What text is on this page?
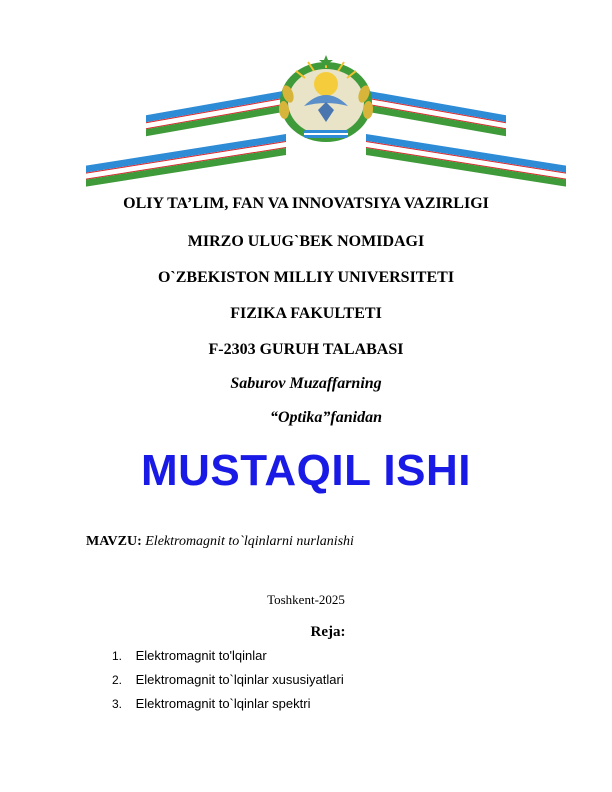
OLIY TA’LIM, FAN VA INNOVATSIYA VAZIRLIGI
MIRZO ULUG`BEK NOMIDAGI
O`ZBEKISTON MILLIY UNIVERSITETI
FIZIKA FAKULTETI
F-2303 GURUH TALABASI
Saburov Muzaffarning
“Optika”fanidan
MUSTAQIL ISHI
MAVZU: Elektromagnit to`lqinlarni nurlanishi
Toshkent-2025
Reja:
1. Elektromagnit to'lqinlar
2. Elektromagnit to`lqinlar xususiyatlari
3. Elektromagnit to`lqinlar spektri
